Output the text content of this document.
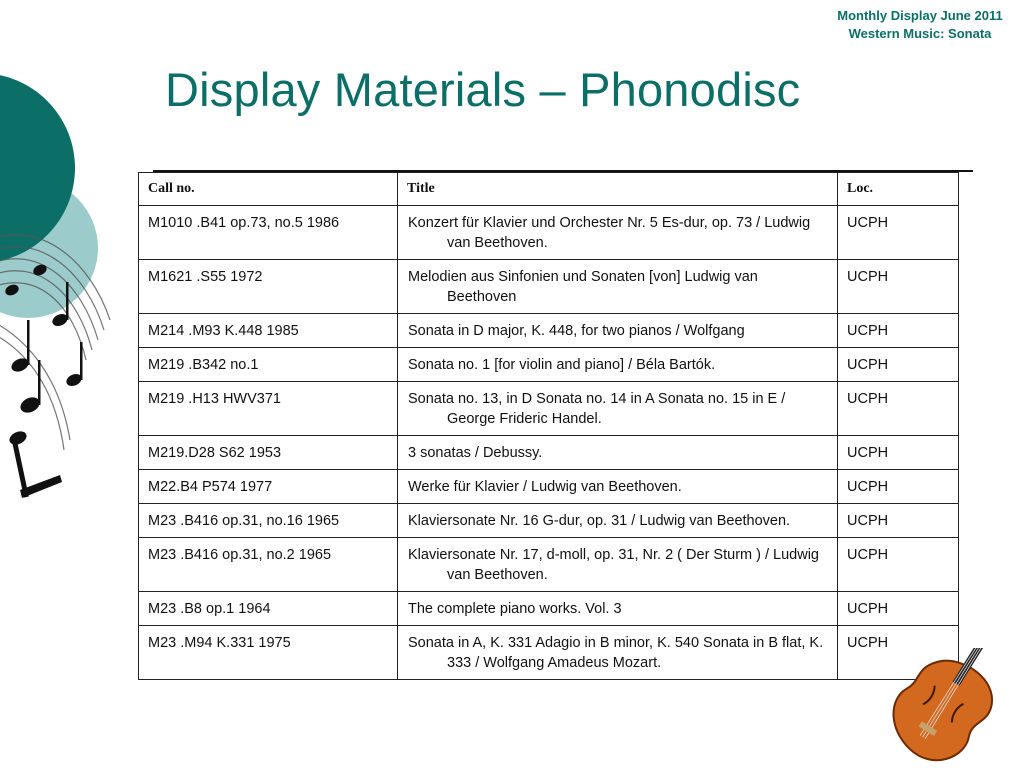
Monthly Display June 2011
Western Music: Sonata
Display Materials – Phonodisc
Call no.	Title	Loc.
M1010 .B41 op.73, no.5 1986	Konzert für Klavier und Orchester Nr. 5 Es-dur, op. 73 / Ludwig van Beethoven.	UCPH
M1621 .S55 1972	Melodien aus Sinfonien und Sonaten [von] Ludwig van Beethoven	UCPH
M214 .M93 K.448 1985	Sonata in D major, K. 448, for two pianos / Wolfgang	UCPH
M219 .B342 no.1	Sonata no. 1 [for violin and piano] / Béla Bartók.	UCPH
M219 .H13 HWV371	Sonata no. 13, in D Sonata no. 14 in A Sonata no. 15 in E / George Frideric Handel.	UCPH
M219.D28 S62 1953	3 sonatas / Debussy.	UCPH
M22.B4 P574 1977	Werke für Klavier / Ludwig van Beethoven.	UCPH
M23 .B416 op.31, no.16 1965	Klaviersonate Nr. 16 G-dur, op. 31 / Ludwig van Beethoven.	UCPH
M23 .B416 op.31, no.2 1965	Klaviersonate Nr. 17, d-moll, op. 31, Nr. 2 ( Der Sturm ) / Ludwig van Beethoven.	UCPH
M23 .B8 op.1 1964	The complete piano works. Vol. 3	UCPH
M23 .M94 K.331 1975	Sonata in A, K. 331 Adagio in B minor, K. 540 Sonata in B flat, K. 333 / Wolfgang Amadeus Mozart.	UCPH
